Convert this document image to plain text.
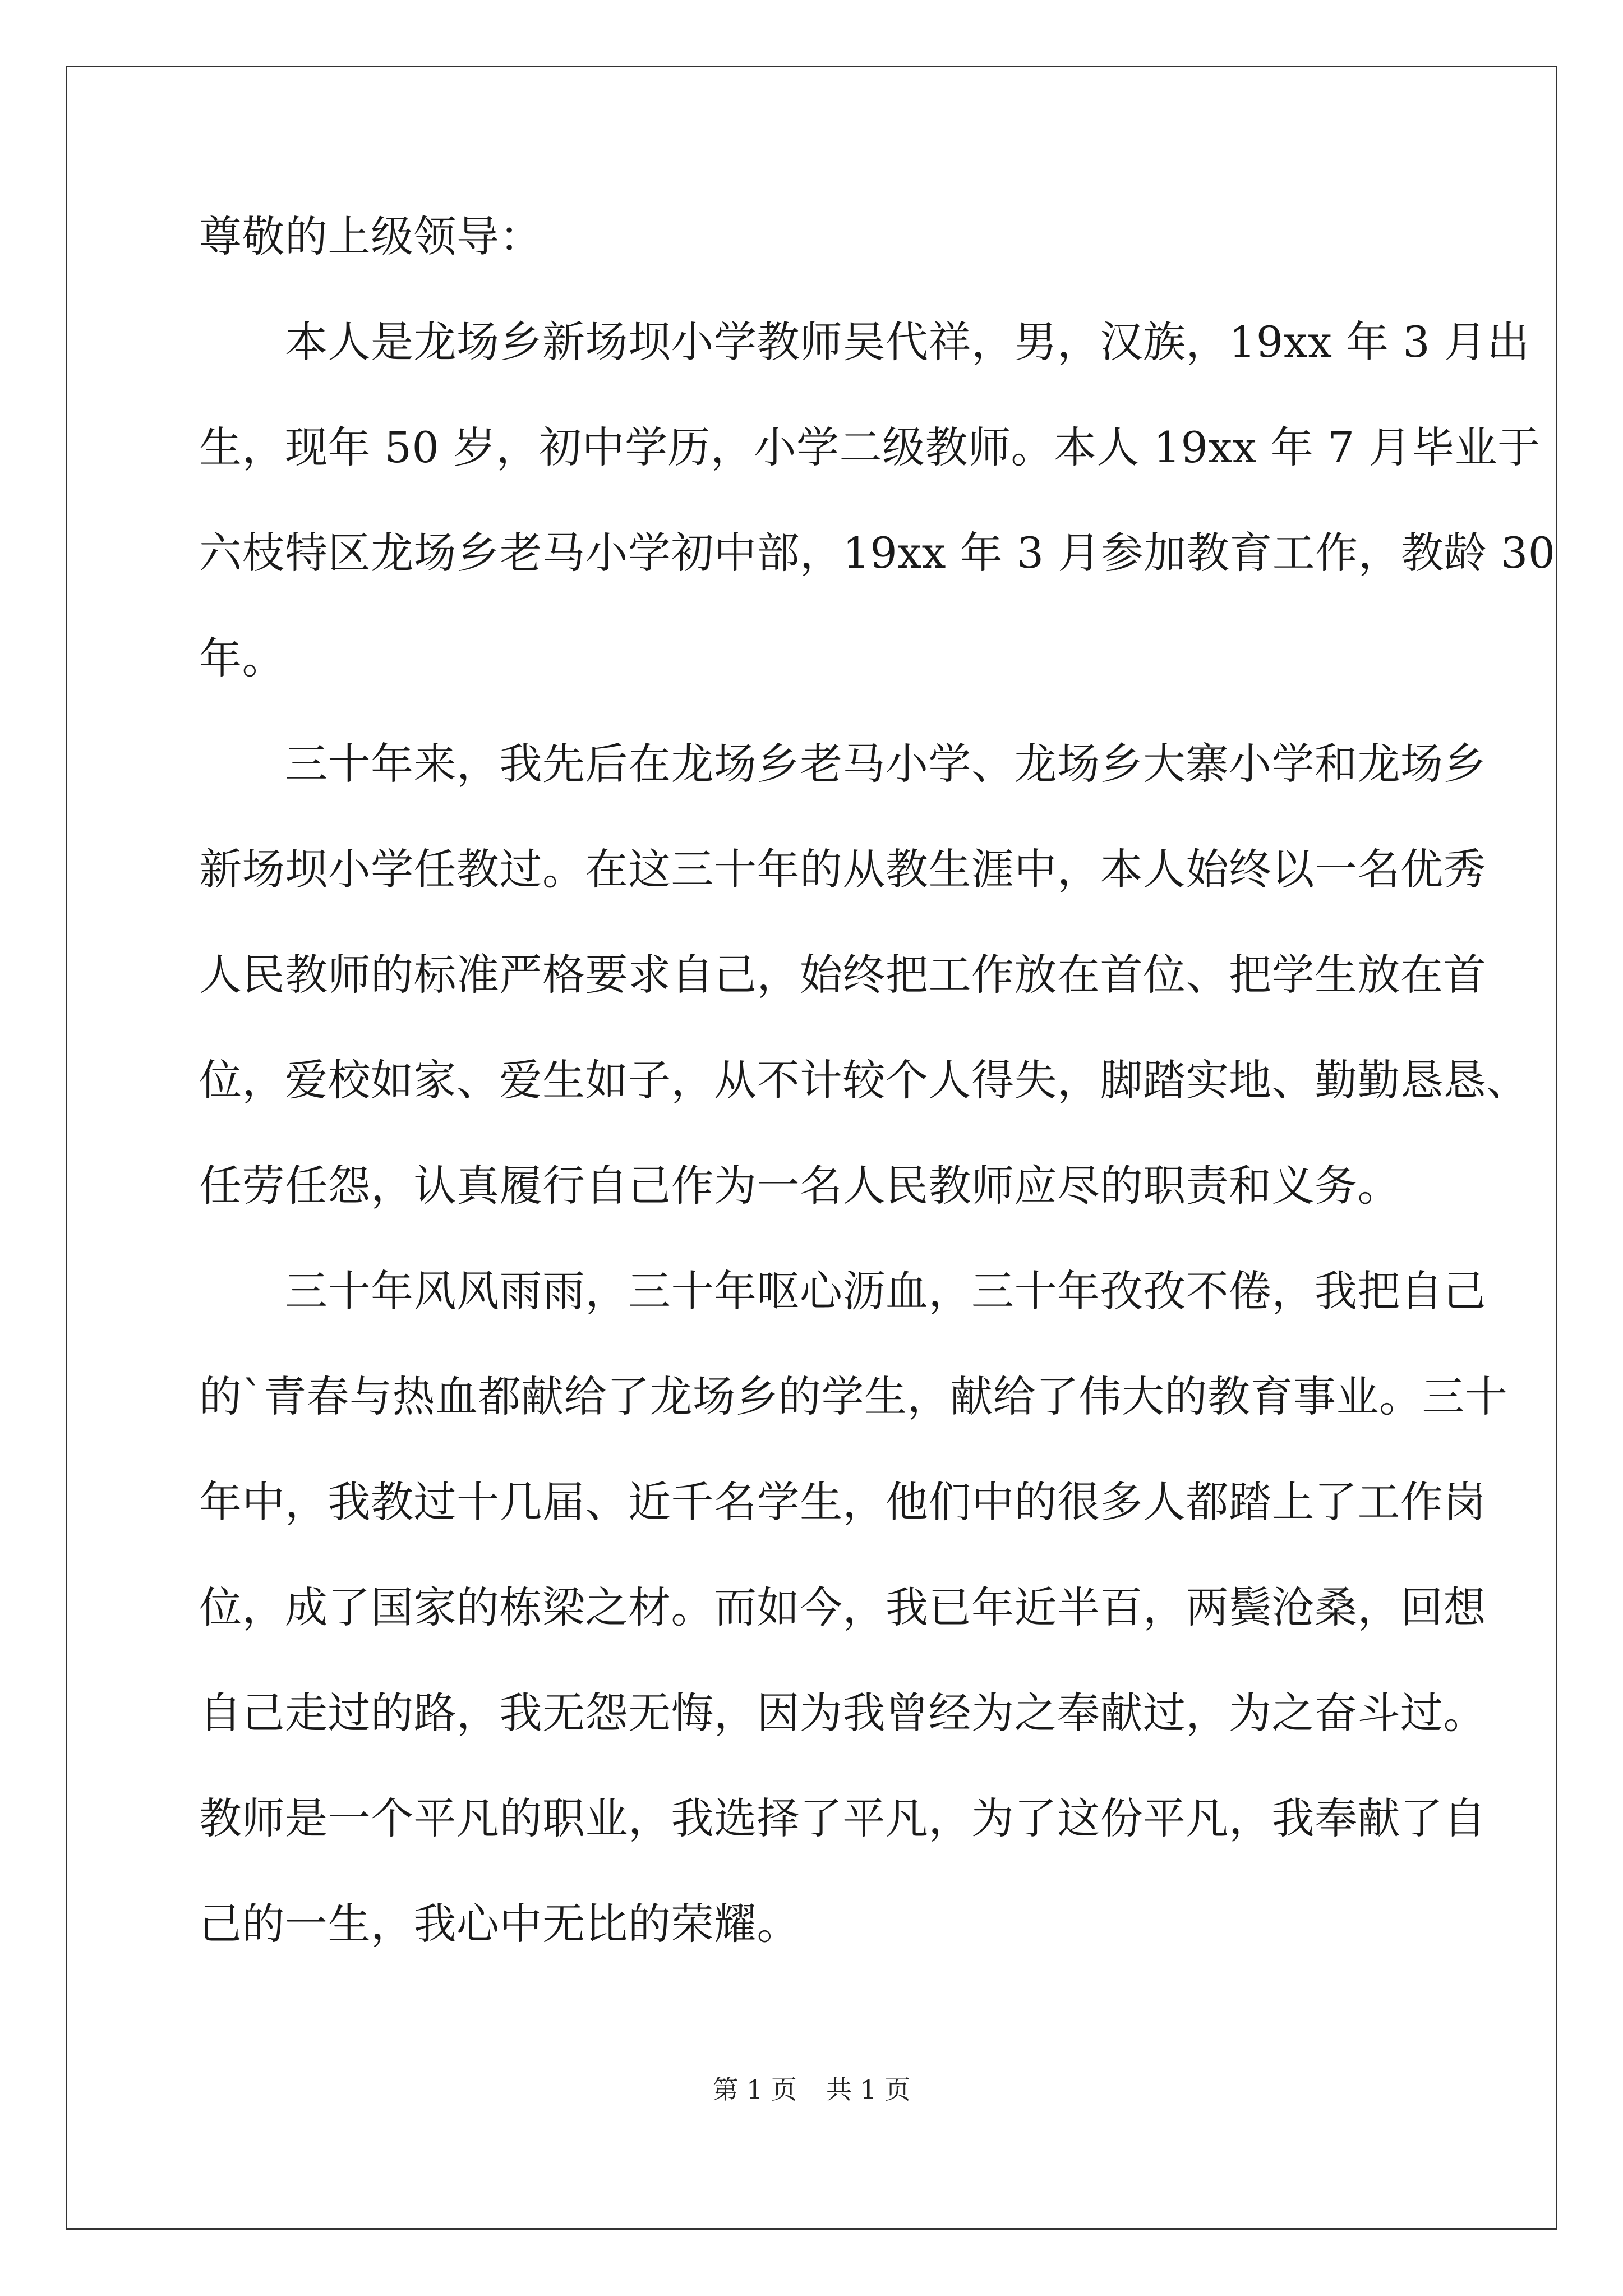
尊敬的上级领导：
　　本人是龙场乡新场坝小学教师吴代祥，男，汉族，19xx 年 3 月出
生，现年 50 岁，初中学历，小学二级教师。本人 19xx 年 7 月毕业于
六枝特区龙场乡老马小学初中部，19xx 年 3 月参加教育工作，教龄 30
年。
　　三十年来，我先后在龙场乡老马小学、龙场乡大寨小学和龙场乡
新场坝小学任教过。在这三十年的从教生涯中，本人始终以一名优秀
人民教师的标准严格要求自己，始终把工作放在首位、把学生放在首
位，爱校如家、爱生如子，从不计较个人得失，脚踏实地、勤勤恳恳、
任劳任怨，认真履行自己作为一名人民教师应尽的职责和义务。
　　三十年风风雨雨，三十年呕心沥血，三十年孜孜不倦，我把自己
的`青春与热血都献给了龙场乡的学生，献给了伟大的教育事业。三十
年中，我教过十几届、近千名学生，他们中的很多人都踏上了工作岗
位，成了国家的栋梁之材。而如今，我已年近半百，两鬓沧桑，回想
自己走过的路，我无怨无悔，因为我曾经为之奉献过，为之奋斗过。
教师是一个平凡的职业，我选择了平凡，为了这份平凡，我奉献了自
己的一生，我心中无比的荣耀。
第 1 页 共 1 页
